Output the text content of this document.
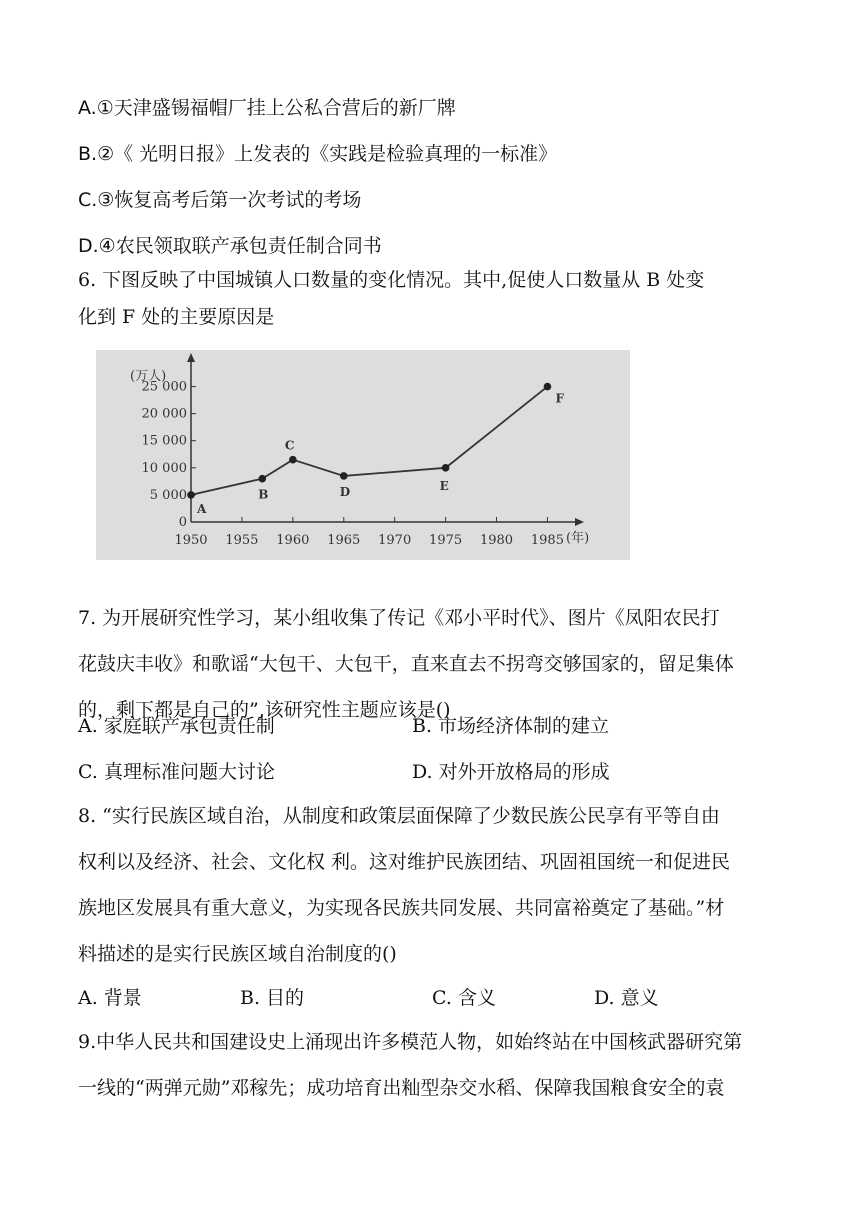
A.①天津盛锡福帽厂挂上公私合营后的新厂牌
B.②《 光明日报》上发表的《实践是检验真理的一标准》
C.③恢复高考后第一次考试的考场
D.④农民领取联产承包责任制合同书
6. 下图反映了中国城镇人口数量的变化情况。其中,促使人口数量从 B 处变
化到 F 处的主要原因是
(万人)
(年)
1950 1955 1960 1965 1970 1975 1980 1985
0
5 000
10 000
15 000
20 000
25 000
A
B
C
D	E
F
7. 为开展研究性学习，某小组收集了传记《邓小平时代》、图片《凤阳农民打
花鼓庆丰收》和歌谣“大包干、大包干，直来直去不拐弯交够国家的，留足集体
的，剩下都是自己的”,该研究性主题应该是()
A. 家庭联产承包责任制	B. 市场经济体制的建立
C. 真理标准问题大讨论	D. 对外开放格局的形成
8. “实行民族区域自治，从制度和政策层面保障了少数民族公民享有平等自由
权利以及经济、社会、文化权 利。这对维护民族团结、巩固祖国统一和促进民
族地区发展具有重大意义，为实现各民族共同发展、共同富裕奠定了基础。”材
料描述的是实行民族区域自治制度的()
A. 背景	B. 目的	C. 含义	D. 意义
9.中华人民共和国建设史上涌现出许多模范人物，如始终站在中国核武器研究第
一线的“两弹元勋”邓稼先；成功培育出籼型杂交水稻、保障我国粮食安全的袁
